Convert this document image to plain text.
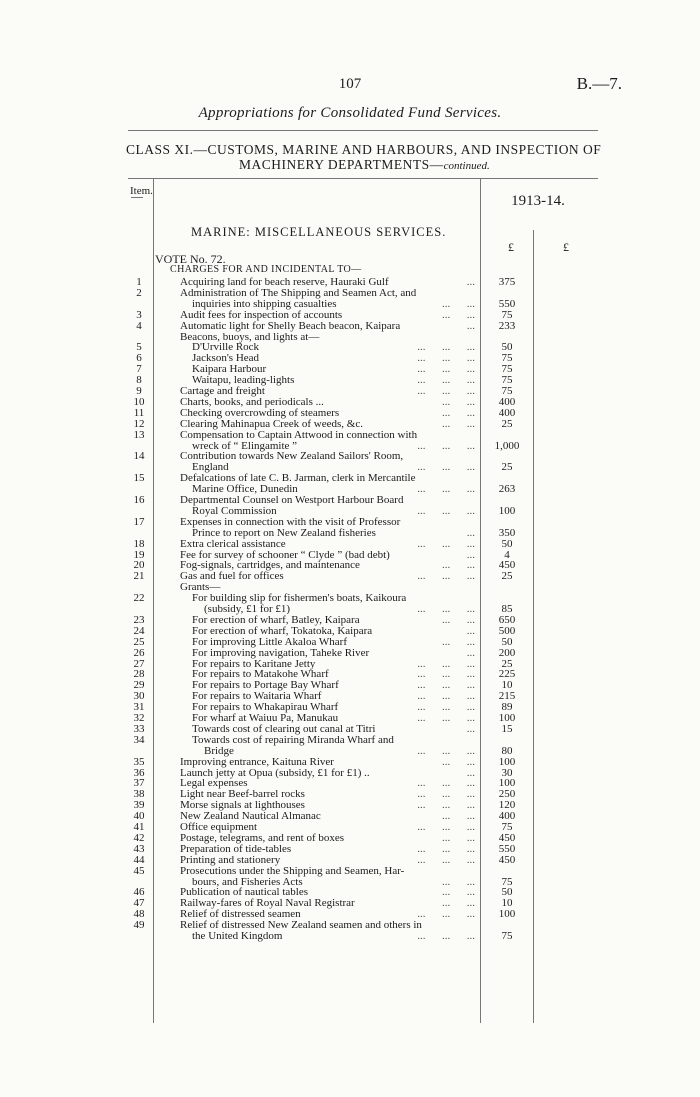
107	B.—7.
Appropriations for Consolidated Fund Services.
CLASS XI.—CUSTOMS, MARINE AND HARBOURS, AND INSPECTION OF
MACHINERY DEPARTMENTS—continued.
Item.
1913-14.
MARINE: MISCELLANEOUS SERVICES.
£	£
VOTE No. 72.
CHARGES FOR AND INCIDENTAL TO—
1	Acquiring land for beach reserve, Hauraki Gulf	...	375
2	Administration of The Shipping and Seamen Act, and
inquiries into shipping casualties	...      ...	550
3	Audit fees for inspection of accounts	...      ...	75
4	Automatic light for Shelly Beach beacon, Kaipara	...	233
Beacons, buoys, and lights at—
5	D'Urville Rock	...      ...      ...	50
6	Jackson's Head	...      ...      ...	75
7	Kaipara Harbour	...      ...      ...	75
8	Waitapu, leading-lights	...      ...      ...	75
9	Cartage and freight	...      ...      ...	75
10	Charts, books, and periodicals ...	...      ...	400
11	Checking overcrowding of steamers	...      ...	400
12	Clearing Mahinapua Creek of weeds, &c.	...      ...	25
13	Compensation to Captain Attwood in connection with
wreck of “ Elingamite ”	...      ...      ...	1,000
14	Contribution towards New Zealand Sailors' Room,
England	...      ...      ...	25
15	Defalcations of late C. B. Jarman, clerk in Mercantile
Marine Office, Dunedin	...      ...      ...	263
16	Departmental Counsel on Westport Harbour Board
Royal Commission	...      ...      ...	100
17	Expenses in connection with the visit of Professor
Prince to report on New Zealand fisheries	...	350
18	Extra clerical assistance	...      ...      ...	50
19	Fee for survey of schooner “ Clyde ” (bad debt)	...	4
20	Fog-signals, cartridges, and maintenance	...      ...	450
21	Gas and fuel for offices	...      ...      ...	25
Grants—
22	For building slip for fishermen's boats, Kaikoura
(subsidy, £1 for £1)	...      ...      ...	85
23	For erection of wharf, Batley, Kaipara	...      ...	650
24	For erection of wharf, Tokatoka, Kaipara	...	500
25	For improving Little Akaloa Wharf	...      ...	50
26	For improving navigation, Taheke River	...	200
27	For repairs to Karitane Jetty	...      ...      ...	25
28	For repairs to Matakohe Wharf	...      ...      ...	225
29	For repairs to Portage Bay Wharf	...      ...      ...	10
30	For repairs to Waitaria Wharf	...      ...      ...	215
31	For repairs to Whakapirau Wharf	...      ...      ...	89
32	For wharf at Waiuu Pa, Manukau	...      ...      ...	100
33	Towards cost of clearing out canal at Titri	...	15
34	Towards cost of repairing Miranda Wharf and
Bridge	...      ...      ...	80
35	Improving entrance, Kaituna River	...      ...	100
36	Launch jetty at Opua (subsidy, £1 for £1) ..	...	30
37	Legal expenses	...      ...      ...	100
38	Light near Beef-barrel rocks	...      ...      ...	250
39	Morse signals at lighthouses	...      ...      ...	120
40	New Zealand Nautical Almanac	...      ...	400
41	Office equipment	...      ...      ...	75
42	Postage, telegrams, and rent of boxes	...      ...	450
43	Preparation of tide-tables	...      ...      ...	550
44	Printing and stationery	...      ...      ...	450
45	Prosecutions under the Shipping and Seamen, Har-
bours, and Fisheries Acts	...      ...	75
46	Publication of nautical tables	...      ...	50
47	Railway-fares of Royal Naval Registrar	...      ...	10
48	Relief of distressed seamen	...      ...      ...	100
49	Relief of distressed New Zealand seamen and others in
the United Kingdom	...      ...      ...	75
